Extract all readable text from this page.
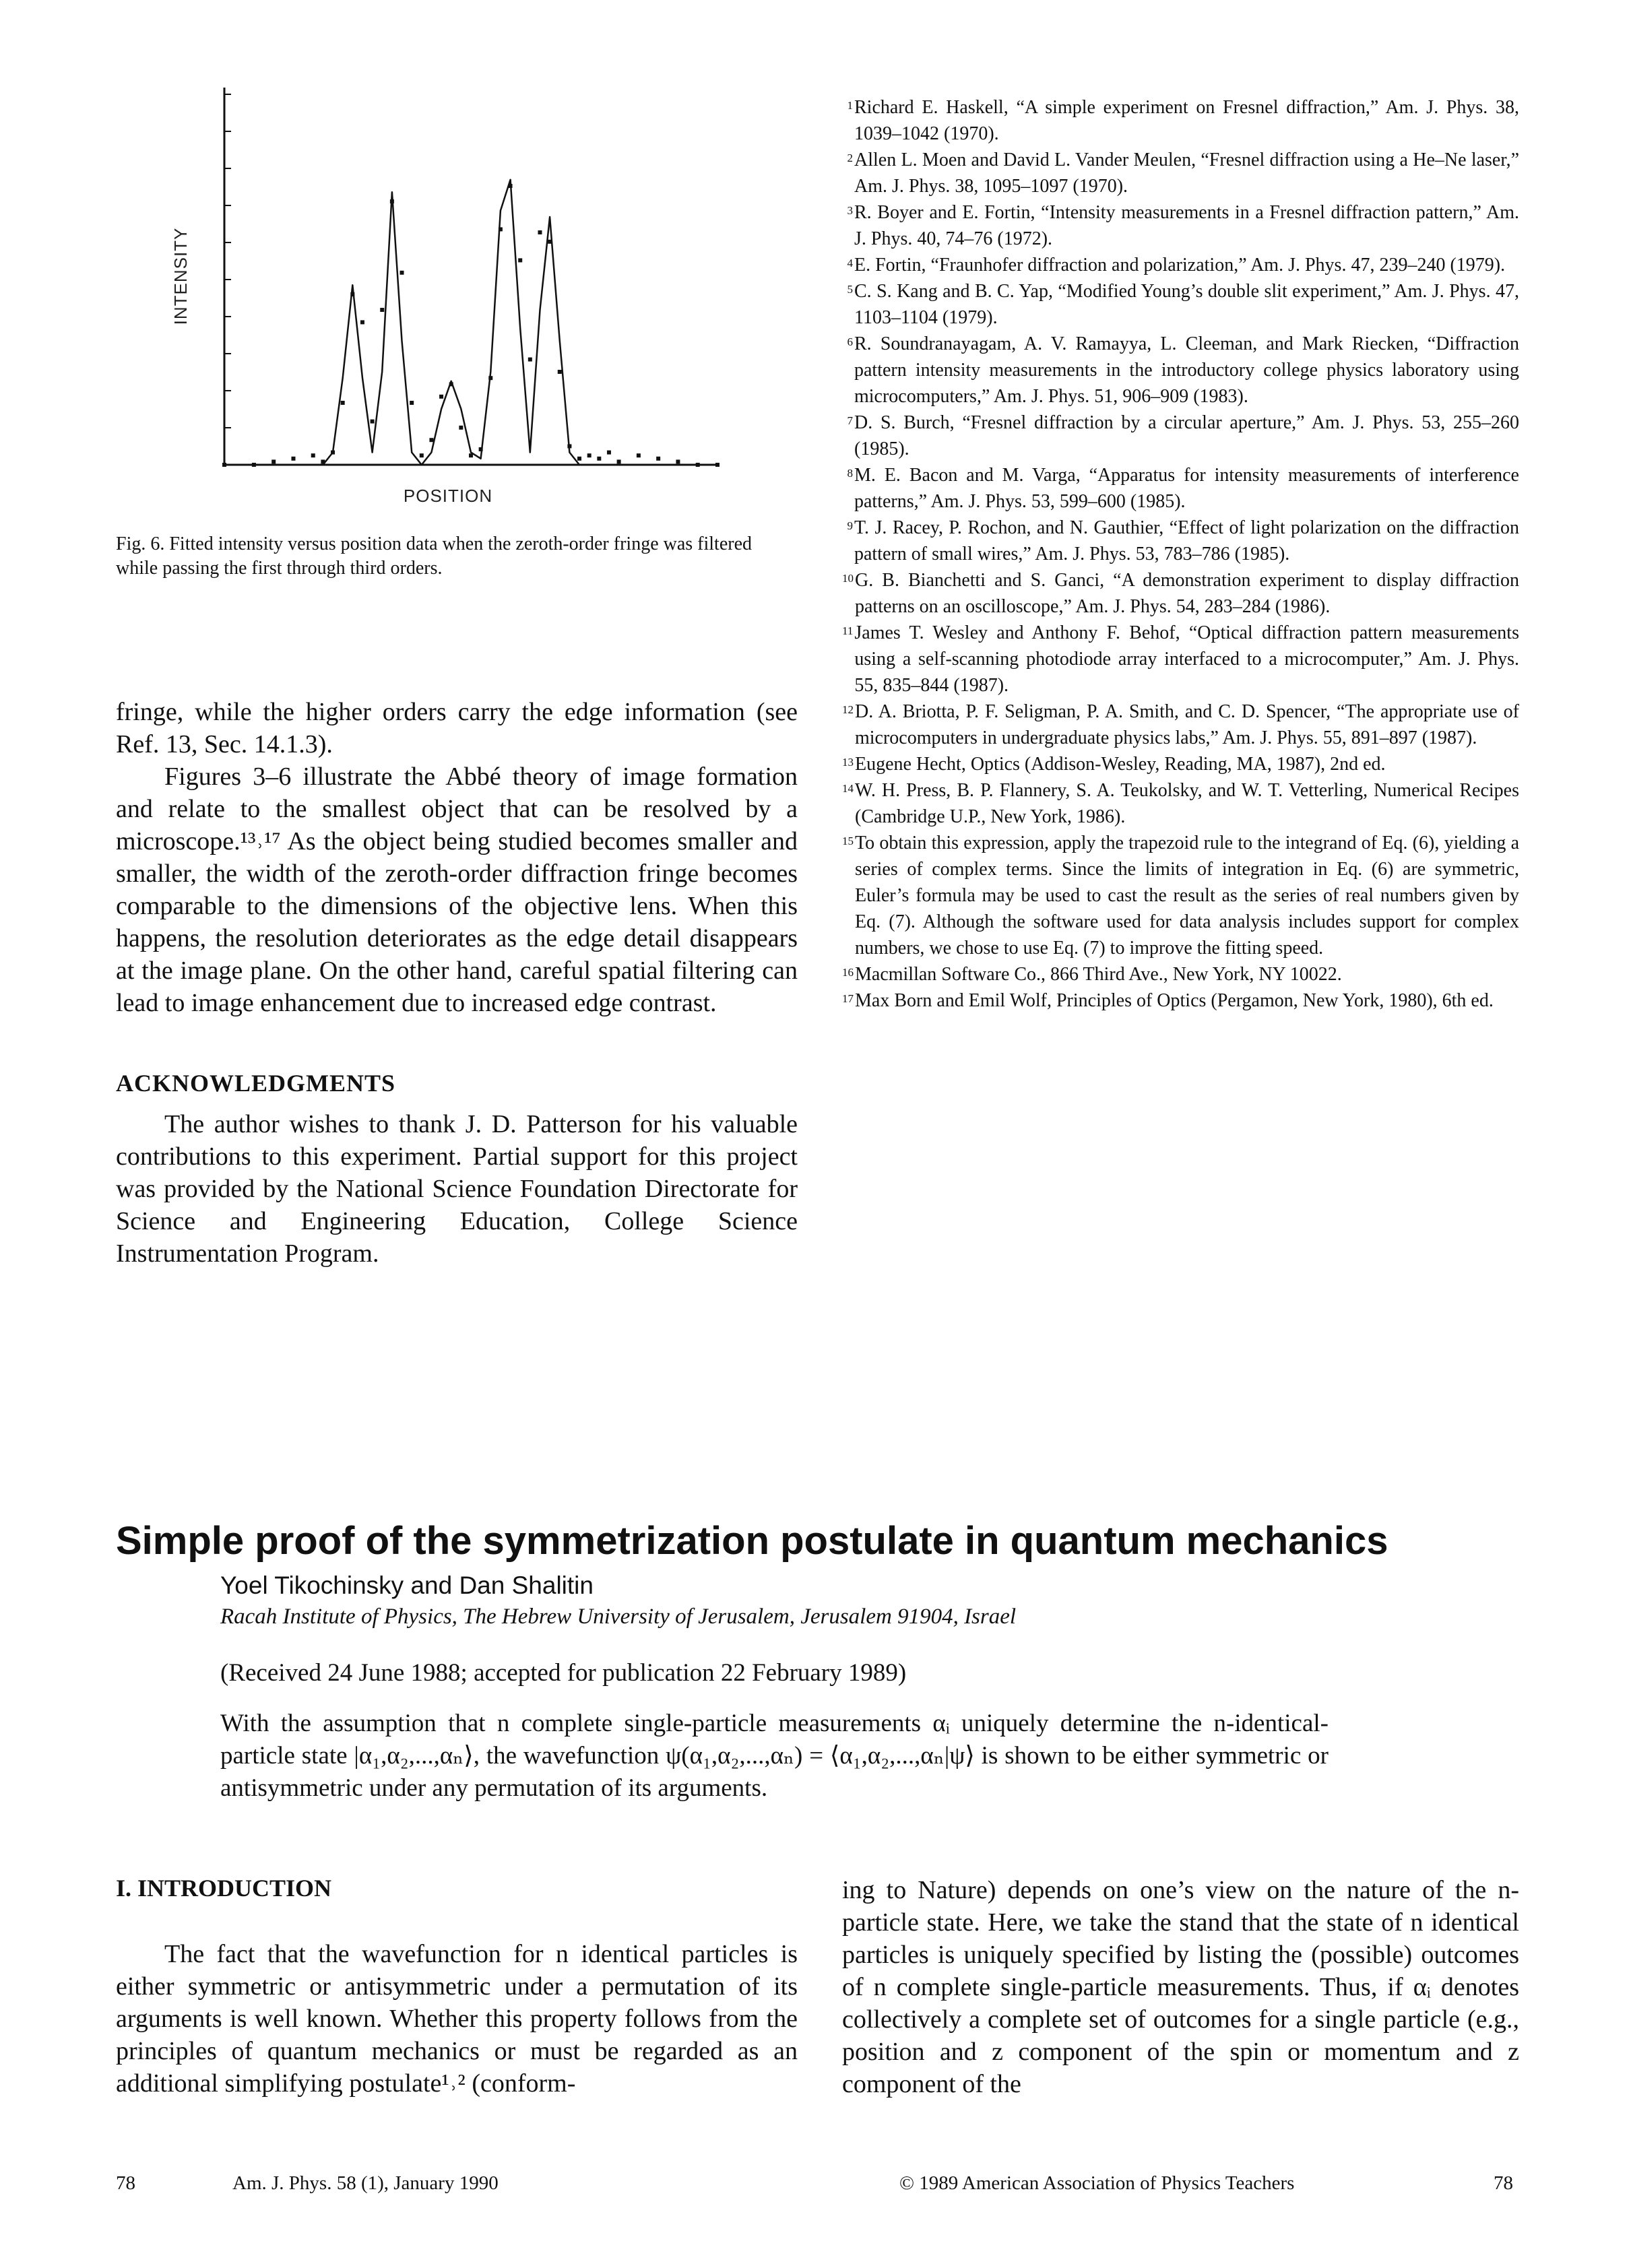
INTENSITY
POSITION
Fig. 6. Fitted intensity versus position data when the zeroth-order fringe was filtered while passing the first through third orders.

fringe, while the higher orders carry the edge information (see Ref. 13, Sec. 14.1.3).

Figures 3–6 illustrate the Abbé theory of image formation and relate to the smallest object that can be resolved by a microscope.¹³˒¹⁷ As the object being studied becomes smaller and smaller, the width of the zeroth-order diffraction fringe becomes comparable to the dimensions of the objective lens. When this happens, the resolution deteriorates as the edge detail disappears at the image plane. On the other hand, careful spatial filtering can lead to image enhancement due to increased edge contrast.

ACKNOWLEDGMENTS

The author wishes to thank J. D. Patterson for his valuable contributions to this experiment. Partial support for this project was provided by the National Science Foundation Directorate for Science and Engineering Education, College Science Instrumentation Program.

1 Richard E. Haskell, “A simple experiment on Fresnel diffraction,” Am. J. Phys. 38, 1039–1042 (1970).
2 Allen L. Moen and David L. Vander Meulen, “Fresnel diffraction using a He–Ne laser,” Am. J. Phys. 38, 1095–1097 (1970).
3 R. Boyer and E. Fortin, “Intensity measurements in a Fresnel diffraction pattern,” Am. J. Phys. 40, 74–76 (1972).
4 E. Fortin, “Fraunhofer diffraction and polarization,” Am. J. Phys. 47, 239–240 (1979).
5 C. S. Kang and B. C. Yap, “Modified Young’s double slit experiment,” Am. J. Phys. 47, 1103–1104 (1979).
6 R. Soundranayagam, A. V. Ramayya, L. Cleeman, and Mark Riecken, “Diffraction pattern intensity measurements in the introductory college physics laboratory using microcomputers,” Am. J. Phys. 51, 906–909 (1983).
7 D. S. Burch, “Fresnel diffraction by a circular aperture,” Am. J. Phys. 53, 255–260 (1985).
8 M. E. Bacon and M. Varga, “Apparatus for intensity measurements of interference patterns,” Am. J. Phys. 53, 599–600 (1985).
9 T. J. Racey, P. Rochon, and N. Gauthier, “Effect of light polarization on the diffraction pattern of small wires,” Am. J. Phys. 53, 783–786 (1985).
10 G. B. Bianchetti and S. Ganci, “A demonstration experiment to display diffraction patterns on an oscilloscope,” Am. J. Phys. 54, 283–284 (1986).
11 James T. Wesley and Anthony F. Behof, “Optical diffraction pattern measurements using a self-scanning photodiode array interfaced to a microcomputer,” Am. J. Phys. 55, 835–844 (1987).
12 D. A. Briotta, P. F. Seligman, P. A. Smith, and C. D. Spencer, “The appropriate use of microcomputers in undergraduate physics labs,” Am. J. Phys. 55, 891–897 (1987).
13 Eugene Hecht, Optics (Addison-Wesley, Reading, MA, 1987), 2nd ed.
14 W. H. Press, B. P. Flannery, S. A. Teukolsky, and W. T. Vetterling, Numerical Recipes (Cambridge U.P., New York, 1986).
15 To obtain this expression, apply the trapezoid rule to the integrand of Eq. (6), yielding a series of complex terms. Since the limits of integration in Eq. (6) are symmetric, Euler’s formula may be used to cast the result as the series of real numbers given by Eq. (7). Although the software used for data analysis includes support for complex numbers, we chose to use Eq. (7) to improve the fitting speed.
16 Macmillan Software Co., 866 Third Ave., New York, NY 10022.
17 Max Born and Emil Wolf, Principles of Optics (Pergamon, New York, 1980), 6th ed.
Simple proof of the symmetrization postulate in quantum mechanics
Yoel Tikochinsky and Dan Shalitin
Racah Institute of Physics, The Hebrew University of Jerusalem, Jerusalem 91904, Israel
(Received 24 June 1988; accepted for publication 22 February 1989)
With the assumption that n complete single-particle measurements αᵢ uniquely determine the n-identical-particle state |α₁,α₂,...,αₙ⟩, the wavefunction ψ(α₁,α₂,...,αₙ) = ⟨α₁,α₂,...,αₙ|ψ⟩ is shown to be either symmetric or antisymmetric under any permutation of its arguments.
I. INTRODUCTION

The fact that the wavefunction for n identical particles is either symmetric or antisymmetric under a permutation of its arguments is well known. Whether this property follows from the principles of quantum mechanics or must be regarded as an additional simplifying postulate¹˒² (conform-

ing to Nature) depends on one’s view on the nature of the n-particle state. Here, we take the stand that the state of n identical particles is uniquely specified by listing the (possible) outcomes of n complete single-particle measurements. Thus, if αᵢ denotes collectively a complete set of outcomes for a single particle (e.g., position and z component of the spin or momentum and z component of the

78	Am. J. Phys. 58 (1), January 1990	© 1989 American Association of Physics Teachers	78
